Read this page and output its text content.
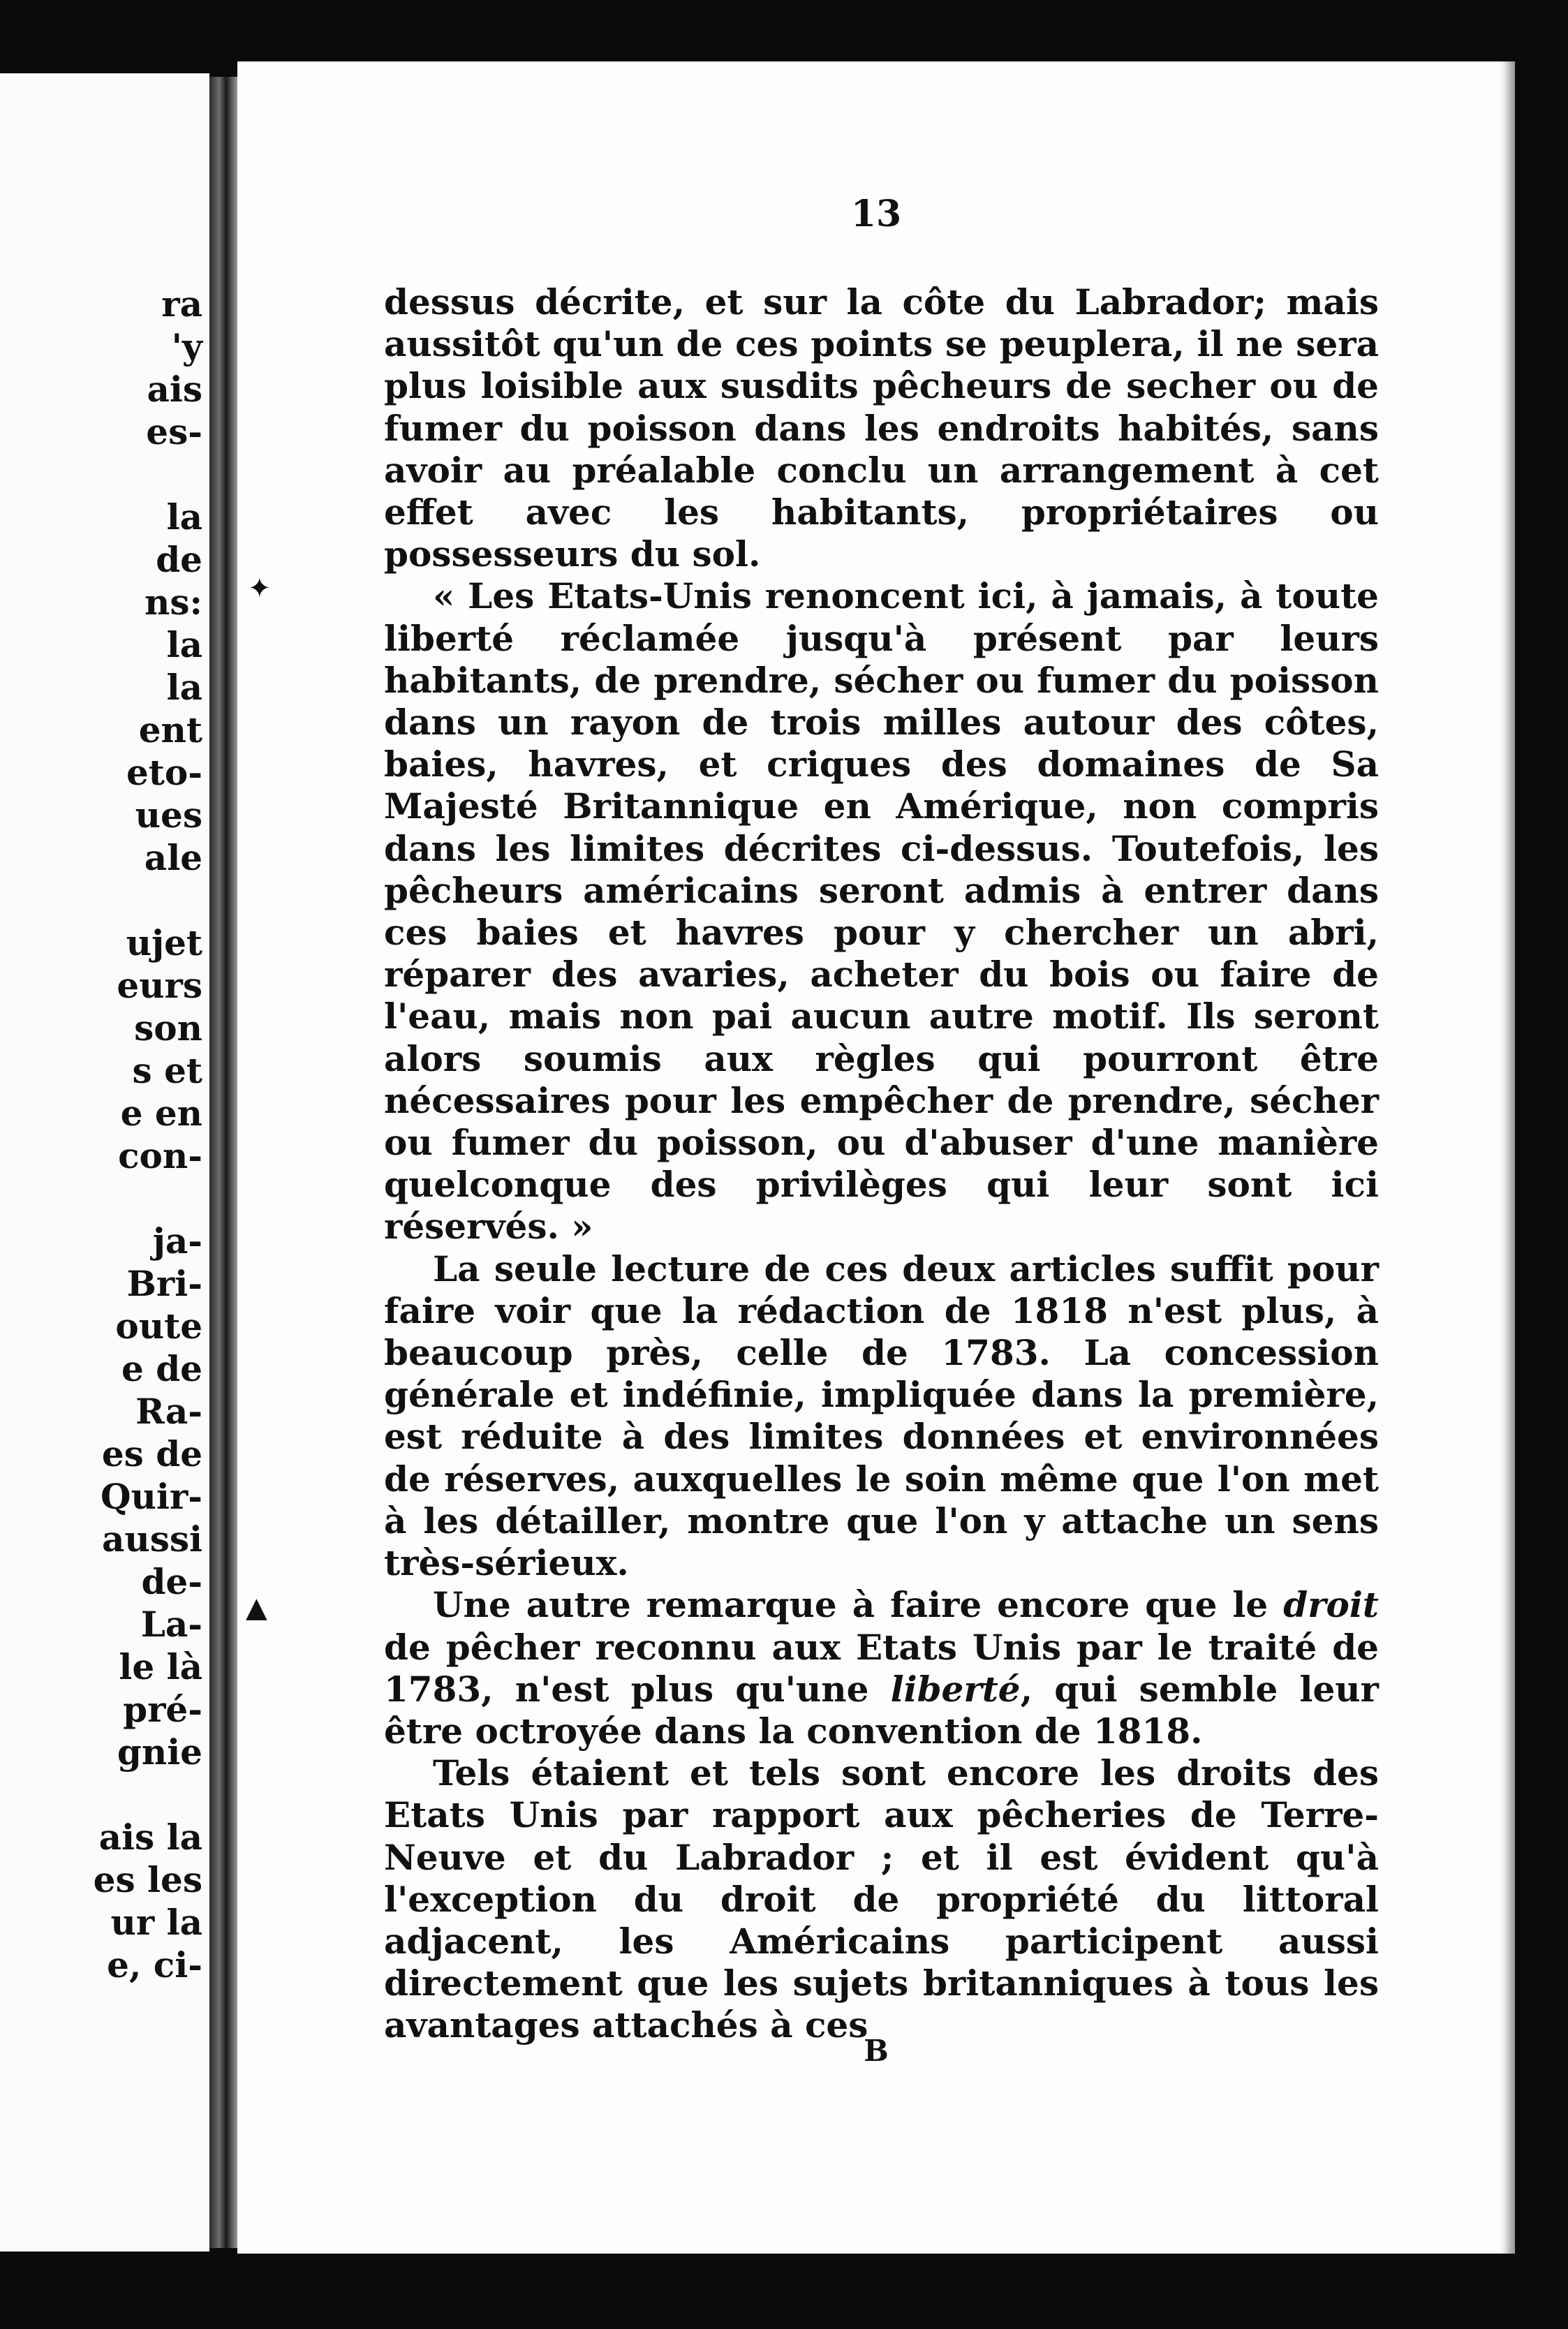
ra
'y
ais
es-

la
de
ns:
la
la
ent
eto-
ues
ale

ujet
eurs
son
s et
e en
con-

ja-
Bri-
oute
e de
Ra-
es de
Quir-
aussi
de-
La-
le là
pré-
gnie

ais la
es les
ur la
e, ci-
13

dessus décrite, et sur la côte du Labrador; mais aussitôt qu'un de ces points se peuplera, il ne sera plus loisible aux susdits pêcheurs de secher ou de fumer du poisson dans les endroits habités, sans avoir au préalable conclu un arrangement à cet effet avec les habitants, propriétaires ou possesseurs du sol.

« Les Etats-Unis renoncent ici, à jamais, à toute liberté réclamée jusqu'à présent par leurs habitants, de prendre, sécher ou fumer du poisson dans un rayon de trois milles autour des côtes, baies, havres, et criques des domaines de Sa Majesté Britannique en Amérique, non compris dans les limites décrites ci-dessus. Toutefois, les pêcheurs américains seront admis à entrer dans ces baies et havres pour y chercher un abri, réparer des avaries, acheter du bois ou faire de l'eau, mais non pai aucun autre motif. Ils seront alors soumis aux règles qui pourront être nécessaires pour les empêcher de prendre, sécher ou fumer du poisson, ou d'abuser d'une manière quelconque des privilèges qui leur sont ici réservés. »

La seule lecture de ces deux articles suffit pour faire voir que la rédaction de 1818 n'est plus, à beaucoup près, celle de 1783. La concession générale et indéfinie, impliquée dans la première, est réduite à des limites données et environnées de réserves, auxquelles le soin même que l'on met à les détailler, montre que l'on y attache un sens très-sérieux.

Une autre remarque à faire encore que le droit de pêcher reconnu aux Etats Unis par le traité de 1783, n'est plus qu'une liberté, qui semble leur être octroyée dans la convention de 1818.

Tels étaient et tels sont encore les droits des Etats Unis par rapport aux pêcheries de Terre-Neuve et du Labrador ; et il est évident qu'à l'exception du droit de propriété du littoral adjacent, les Américains participent aussi directement que les sujets britanniques à tous les avantages attachés à ces

B
✦
▲
